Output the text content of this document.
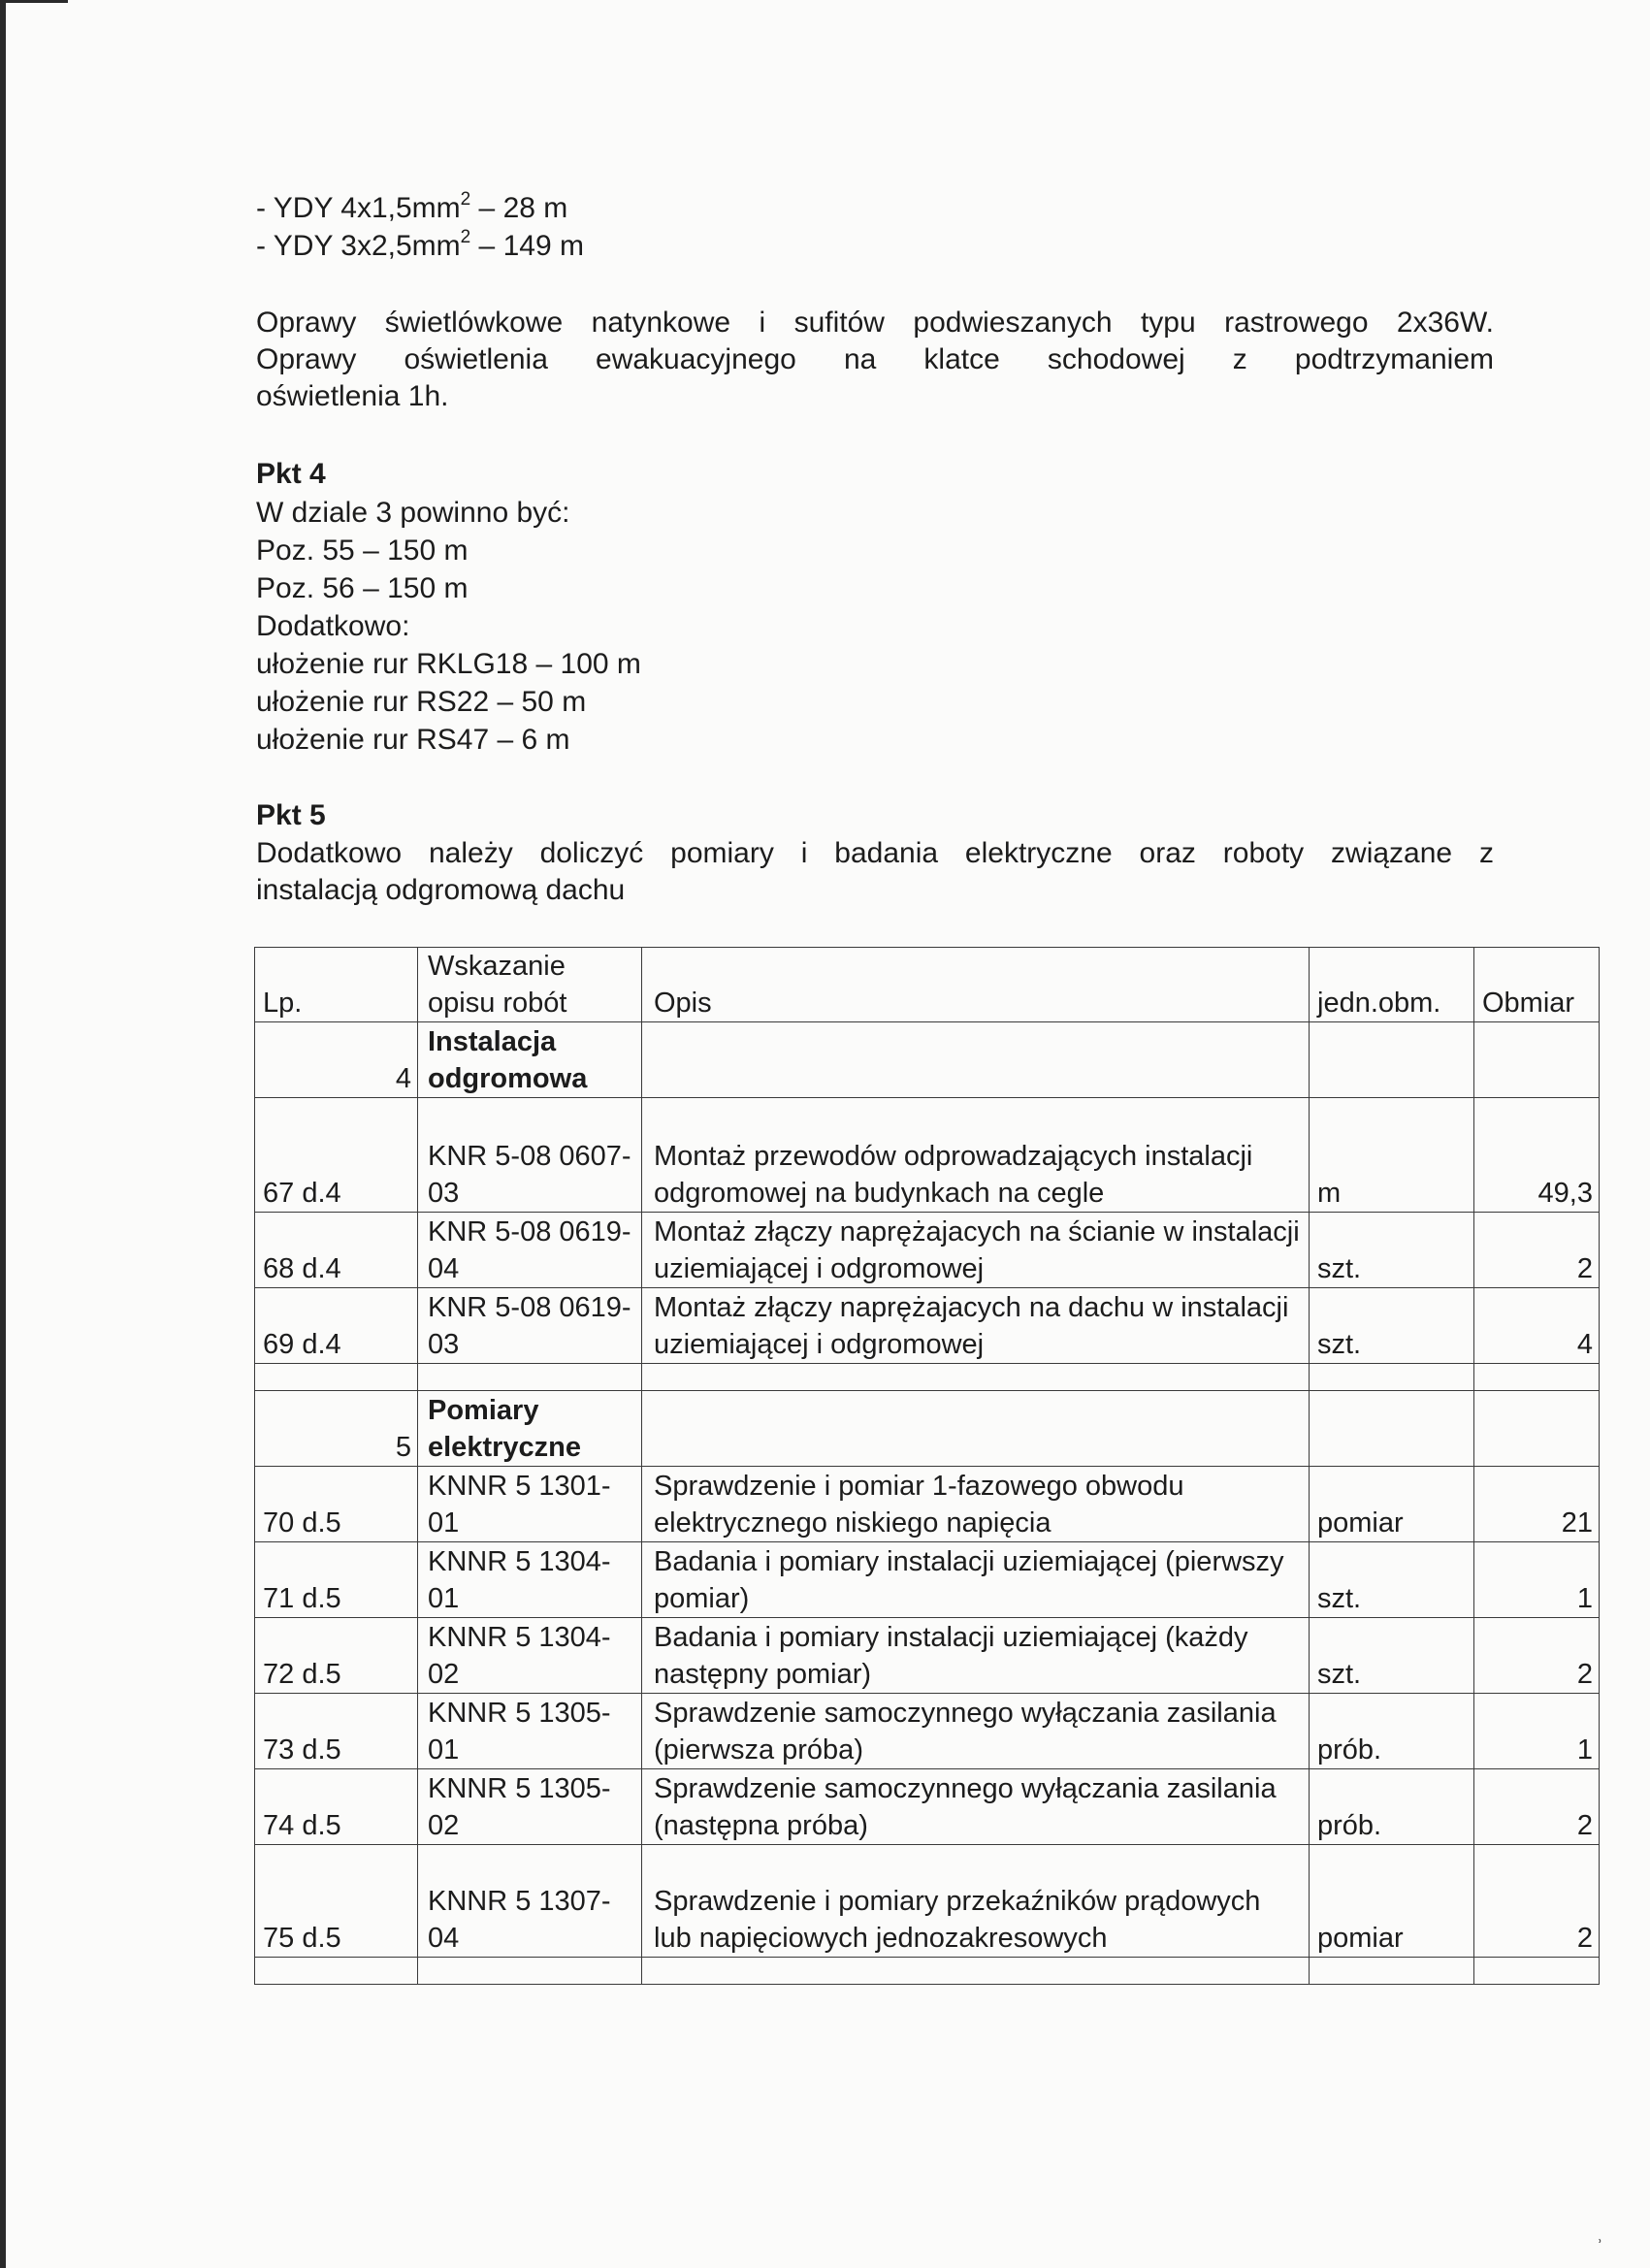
- YDY $4x1,5mm^2 - 28$ m
- YDY $3x2,5mm^2 - 149$ m
Oprawy świetlówkowe natynkowe i sufitów podwieszanych typu rastrowego 2x36W.
Oprawy oświetlenia ewakuacyjnego na klatce schodowej z podtrzymaniem
oświetlenia 1h.
Pkt 4
W dziale 3 powinno być:
Poz. 55 – 150 m
Poz. 56 – 150 m
Dodatkowo:
ułożenie rur RKLG18 – 100 m
ułożenie rur RS22 – 50 m
ułożenie rur RS47 – 6 m
Pkt 5
Dodatkowo należy doliczyć pomiary i badania elektryczne oraz roboty związane z
instalacją odgromową dachu
Lp.	Wskazanie opisu robót	Opis	jedn.obm.	Obmiar
4	Instalacja odgromowa			
67 d.4	KNR 5-08 0607-03	Montaż przewodów odprowadzających instalacji odgromowej na budynkach na cegle	m	49,3
68 d.4	KNR 5-08 0619-04	Montaż złączy naprężajacych na ścianie w instalacji uziemiającej i odgromowej	szt.	2
69 d.4	KNR 5-08 0619-03	Montaż złączy naprężajacych na dachu w instalacji uziemiającej i odgromowej	szt.	4

5	Pomiary elektryczne			
70 d.5	KNNR 5 1301-01	Sprawdzenie i pomiar 1-fazowego obwodu elektrycznego niskiego napięcia	pomiar	21
71 d.5	KNNR 5 1304-01	Badania i pomiary instalacji uziemiającej (pierwszy pomiar)	szt.	1
72 d.5	KNNR 5 1304-02	Badania i pomiary instalacji uziemiającej (każdy następny pomiar)	szt.	2
73 d.5	KNNR 5 1305-01	Sprawdzenie samoczynnego wyłączania zasilania (pierwsza próba)	prób.	1
74 d.5	KNNR 5 1305-02	Sprawdzenie samoczynnego wyłączania zasilania (następna próba)	prób.	2
75 d.5	KNNR 5 1307-04	Sprawdzenie i pomiary przekaźników prądowych lub napięciowych jednozakresowych	pomiar	2

˒
